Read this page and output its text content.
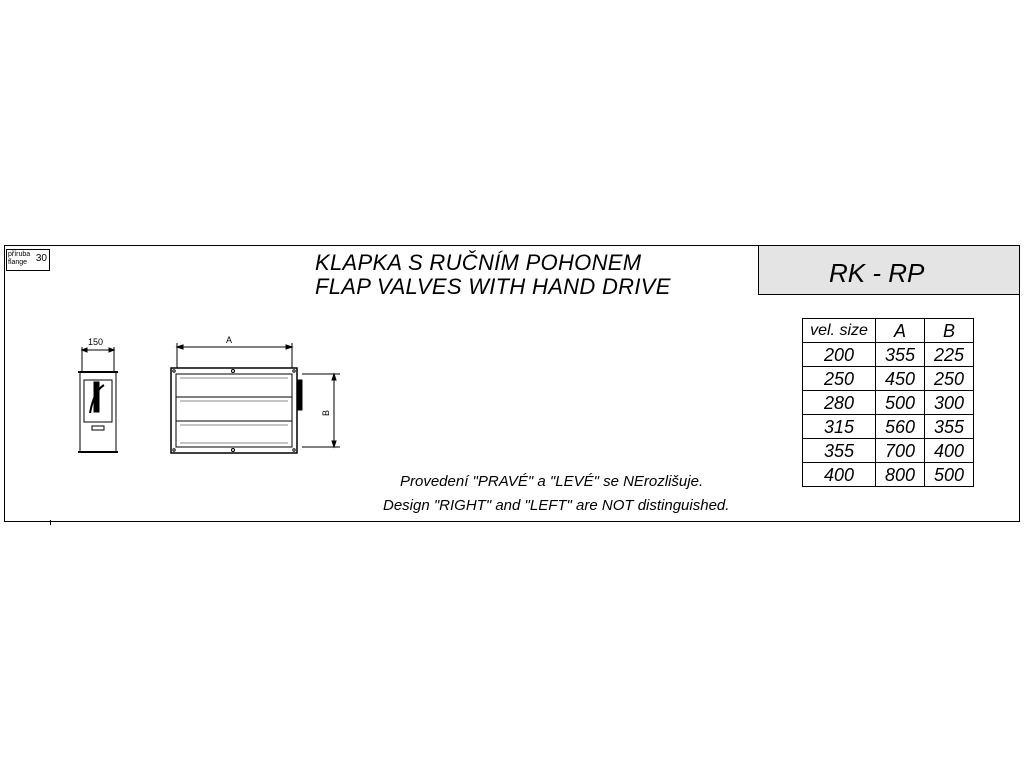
příruba
flange 30	KLAPKA S RUČNÍM POHONEM
FLAP VALVES WITH HAND DRIVE	RK - RP
150	A
B
vel. size	A	B
200	355	225
250	450	250
280	500	300
315	560	355
355	700	400
400	800	500
Provedení "PRAVÉ" a "LEVÉ" se NErozlišuje.
Design "RIGHT" and "LEFT" are NOT distinguished.
